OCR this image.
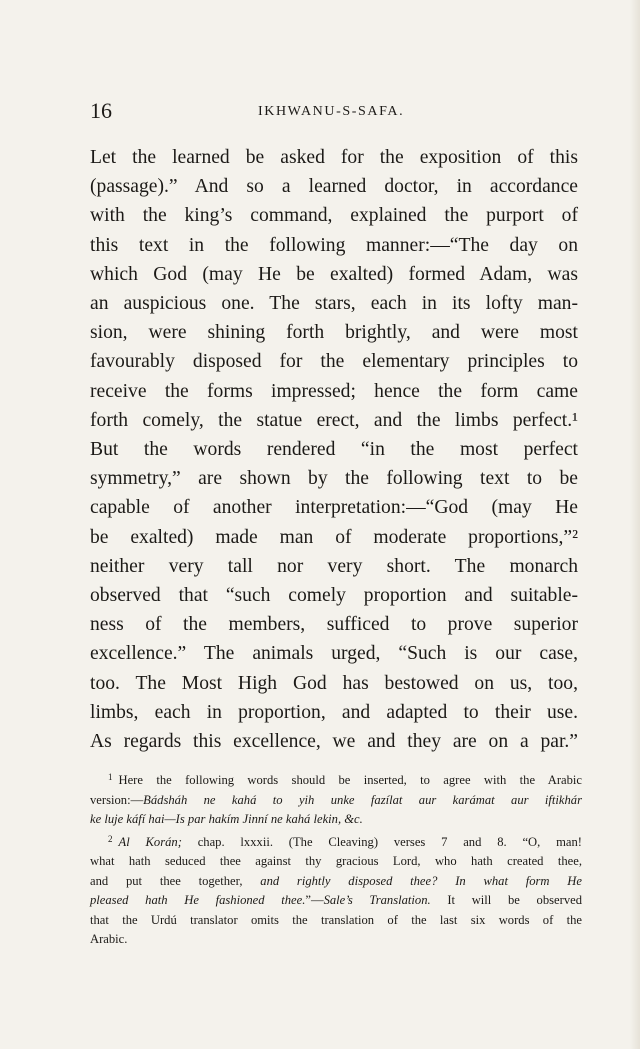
16	IKHWANU-S-SAFA.
Let the learned be asked for the exposition of this
(passage).” And so a learned doctor, in accordance
with the king’s command, explained the purport of
this text in the following manner:—“The day on
which God (may He be exalted) formed Adam, was
an auspicious one. The stars, each in its lofty man-
sion, were shining forth brightly, and were most
favourably disposed for the elementary principles to
receive the forms impressed; hence the form came
forth comely, the statue erect, and the limbs perfect.¹
But the words rendered “in the most perfect
symmetry,” are shown by the following text to be
capable of another interpretation:—“God (may He
be exalted) made man of moderate proportions,”²
neither very tall nor very short. The monarch
observed that “such comely proportion and suitable-
ness of the members, sufficed to prove superior
excellence.” The animals urged, “Such is our case,
too. The Most High God has bestowed on us, too,
limbs, each in proportion, and adapted to their use.
As regards this excellence, we and they are on a par.”
$^1$ Here the following words should be inserted, to agree with the Arabic
version:—Bádsháh ne kahá to yih unke fazílat aur karámat aur iftikhár
ke luje káfí hai—Is par hakím Jinní ne kahá lekin, &c.
$^2$ Al Korán; chap. lxxxii. (The Cleaving) verses 7 and 8. “O, man!
what hath seduced thee against thy gracious Lord, who hath created thee,
and put thee together, and rightly disposed thee? In what form He
pleased hath He fashioned thee.”—Sale’s Translation. It will be observed
that the Urdú translator omits the translation of the last six words of the
Arabic.
